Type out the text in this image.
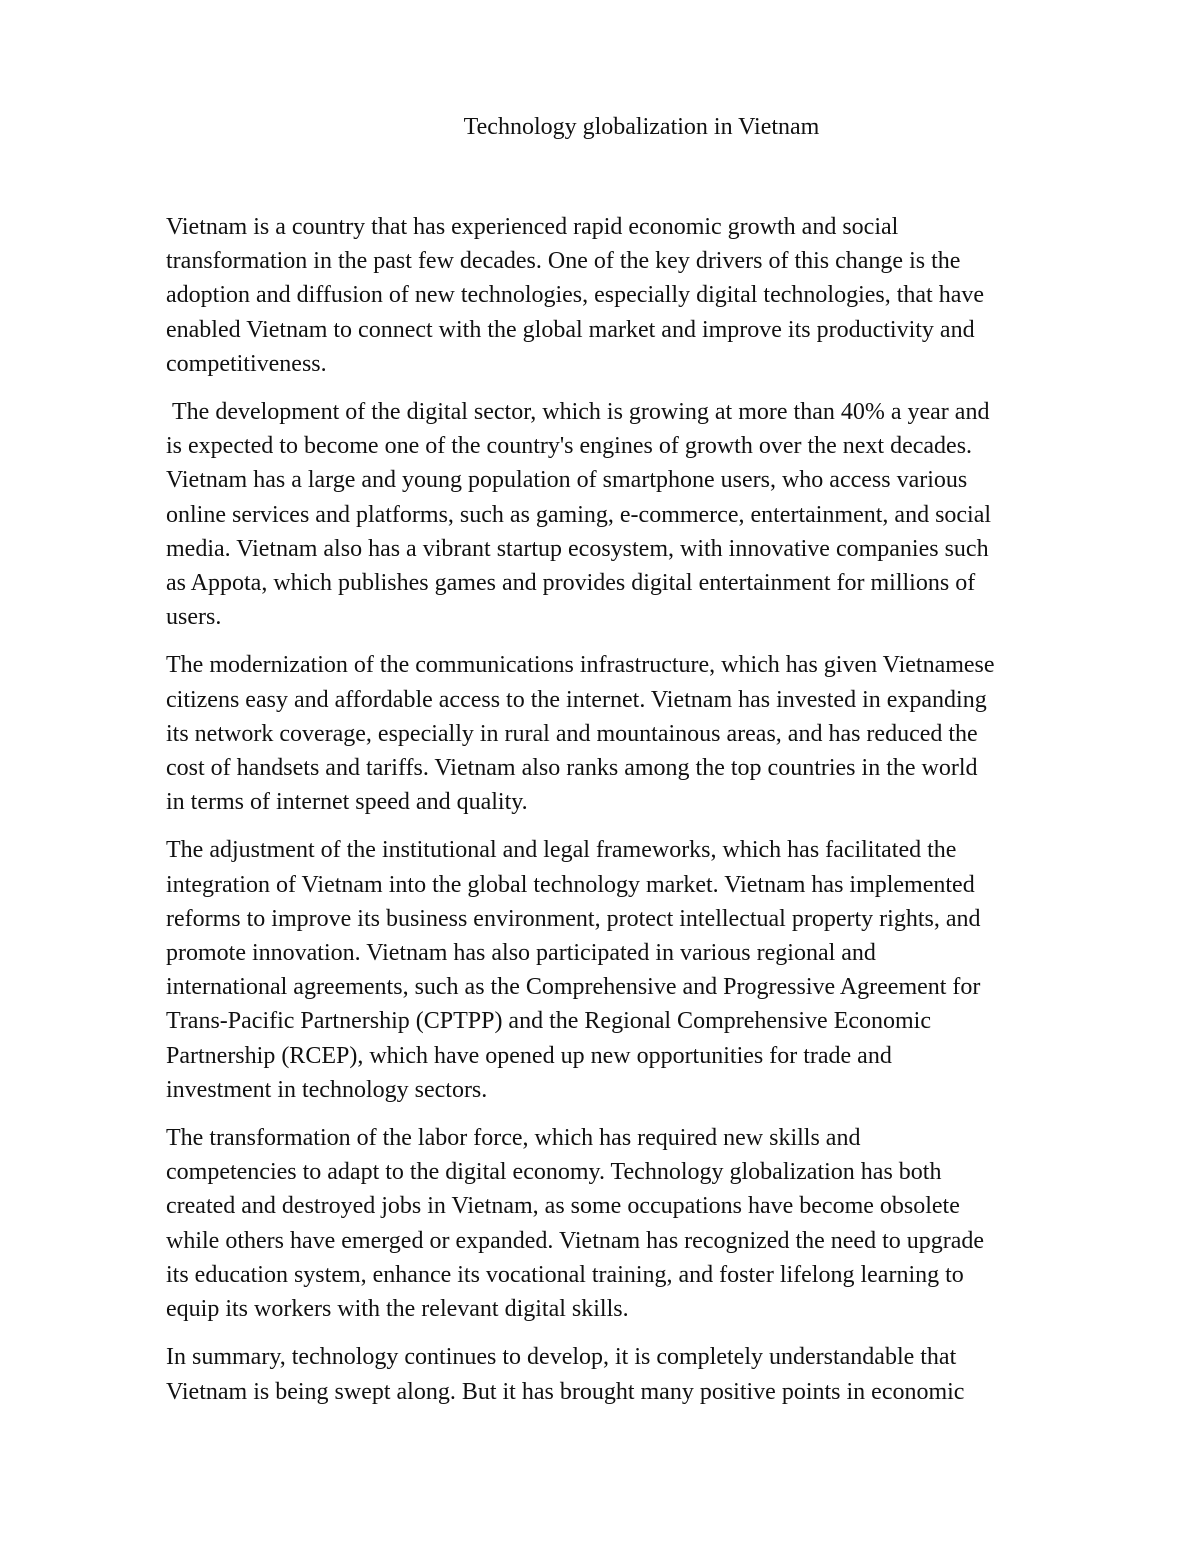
Technology globalization in Vietnam

Vietnam is a country that has experienced rapid economic growth and social
transformation in the past few decades. One of the key drivers of this change is the
adoption and diffusion of new technologies, especially digital technologies, that have
enabled Vietnam to connect with the global market and improve its productivity and
competitiveness.

The development of the digital sector, which is growing at more than 40% a year and
is expected to become one of the country's engines of growth over the next decades.
Vietnam has a large and young population of smartphone users, who access various
online services and platforms, such as gaming, e-commerce, entertainment, and social
media. Vietnam also has a vibrant startup ecosystem, with innovative companies such
as Appota, which publishes games and provides digital entertainment for millions of
users.

The modernization of the communications infrastructure, which has given Vietnamese
citizens easy and affordable access to the internet. Vietnam has invested in expanding
its network coverage, especially in rural and mountainous areas, and has reduced the
cost of handsets and tariffs. Vietnam also ranks among the top countries in the world
in terms of internet speed and quality.

The adjustment of the institutional and legal frameworks, which has facilitated the
integration of Vietnam into the global technology market. Vietnam has implemented
reforms to improve its business environment, protect intellectual property rights, and
promote innovation. Vietnam has also participated in various regional and
international agreements, such as the Comprehensive and Progressive Agreement for
Trans-Pacific Partnership (CPTPP) and the Regional Comprehensive Economic
Partnership (RCEP), which have opened up new opportunities for trade and
investment in technology sectors.

The transformation of the labor force, which has required new skills and
competencies to adapt to the digital economy. Technology globalization has both
created and destroyed jobs in Vietnam, as some occupations have become obsolete
while others have emerged or expanded. Vietnam has recognized the need to upgrade
its education system, enhance its vocational training, and foster lifelong learning to
equip its workers with the relevant digital skills.

In summary, technology continues to develop, it is completely understandable that
Vietnam is being swept along. But it has brought many positive points in economic
